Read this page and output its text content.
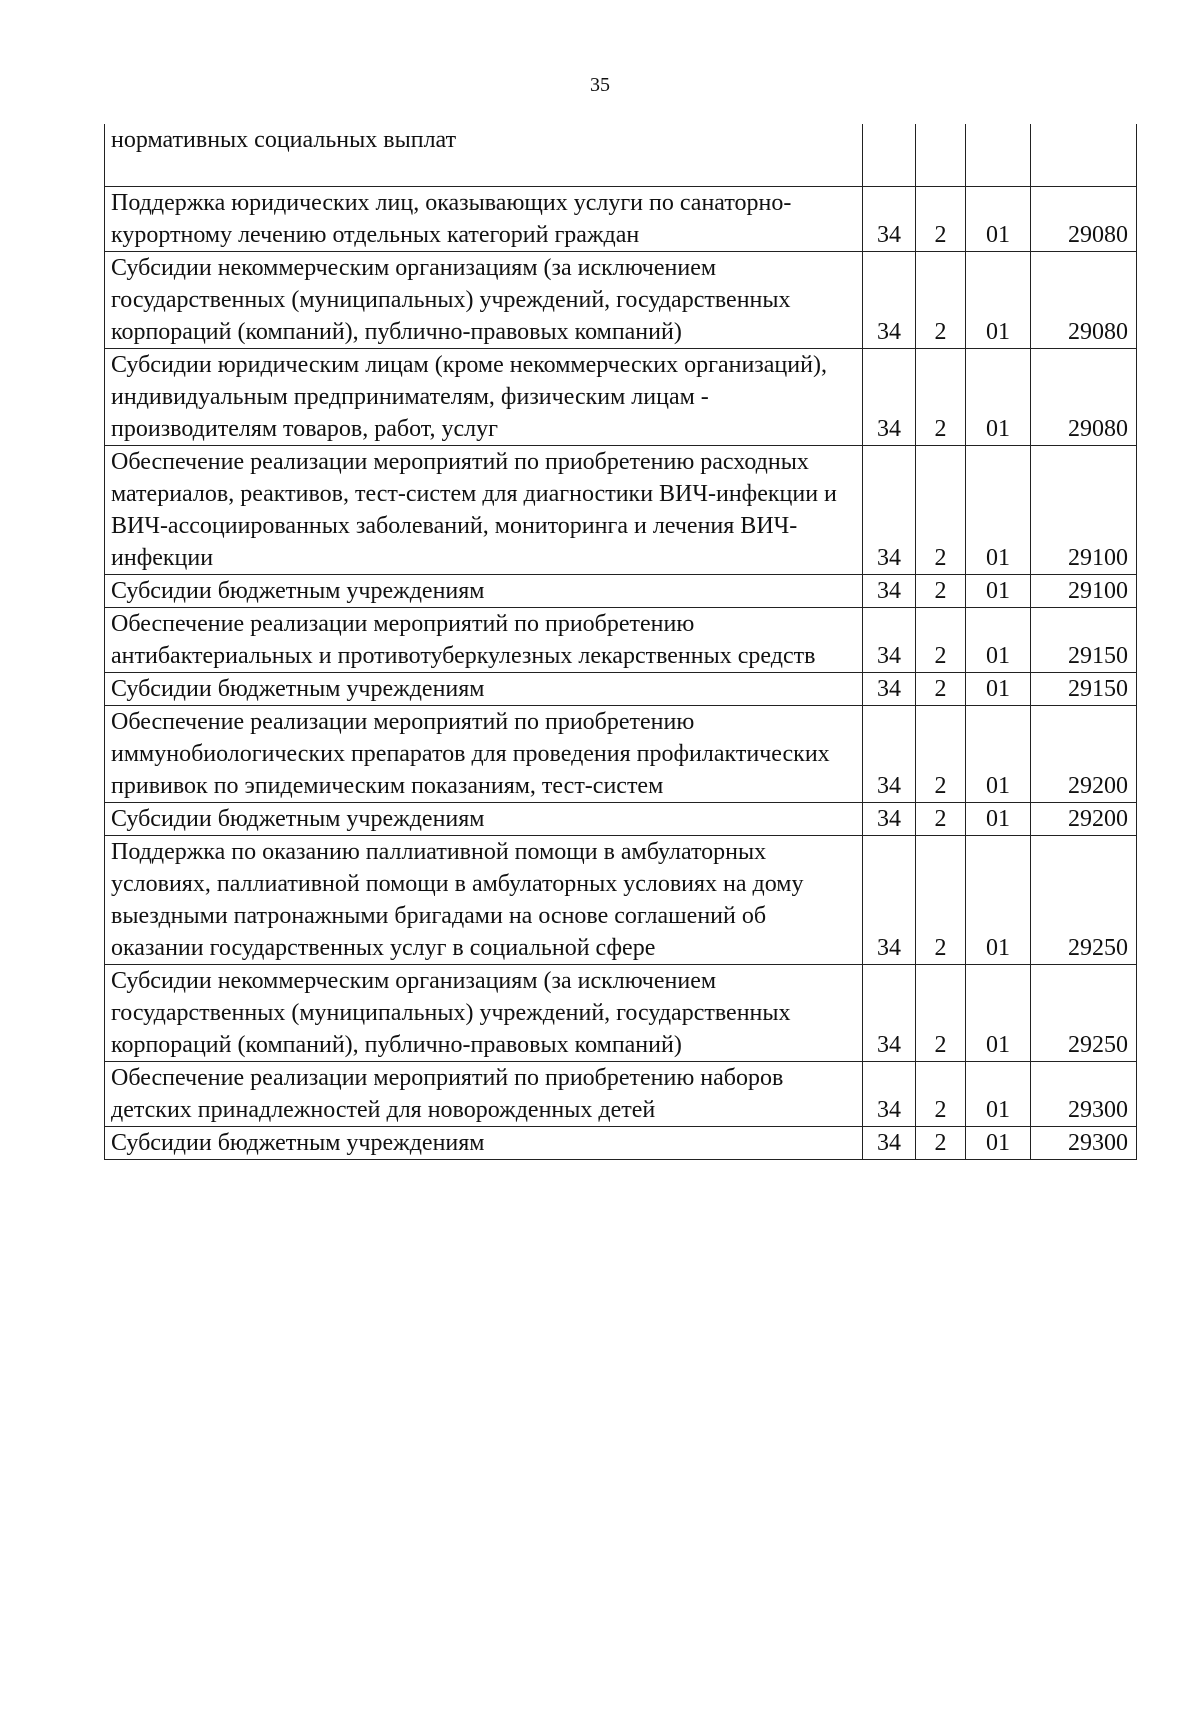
35
нормативных социальных выплат				
Поддержка юридических лиц, оказывающих услуги по санаторно-курортному лечению отдельных категорий граждан	34	2	01	29080
Субсидии некоммерческим организациям (за исключением государственных (муниципальных) учреждений, государственных корпораций (компаний), публично-правовых компаний)	34	2	01	29080
Субсидии юридическим лицам (кроме некоммерческих организаций), индивидуальным предпринимателям, физическим лицам - производителям товаров, работ, услуг	34	2	01	29080
Обеспечение реализации мероприятий по приобретению расходных материалов, реактивов, тест-систем для диагностики ВИЧ-инфекции и ВИЧ-ассоциированных заболеваний, мониторинга и лечения ВИЧ-инфекции	34	2	01	29100
Субсидии бюджетным учреждениям	34	2	01	29100
Обеспечение реализации мероприятий по приобретению антибактериальных и противотуберкулезных лекарственных средств	34	2	01	29150
Субсидии бюджетным учреждениям	34	2	01	29150
Обеспечение реализации мероприятий по приобретению иммунобиологических препаратов для проведения профилактических прививок по эпидемическим показаниям, тест-систем	34	2	01	29200
Субсидии бюджетным учреждениям	34	2	01	29200
Поддержка по оказанию паллиативной помощи в амбулаторных условиях, паллиативной помощи в амбулаторных условиях на дому выездными патронажными бригадами на основе соглашений об оказании государственных услуг в социальной сфере	34	2	01	29250
Субсидии некоммерческим организациям (за исключением государственных (муниципальных) учреждений, государственных корпораций (компаний), публично-правовых компаний)	34	2	01	29250
Обеспечение реализации мероприятий по приобретению наборов детских принадлежностей для новорожденных детей	34	2	01	29300
Субсидии бюджетным учреждениям	34	2	01	29300
